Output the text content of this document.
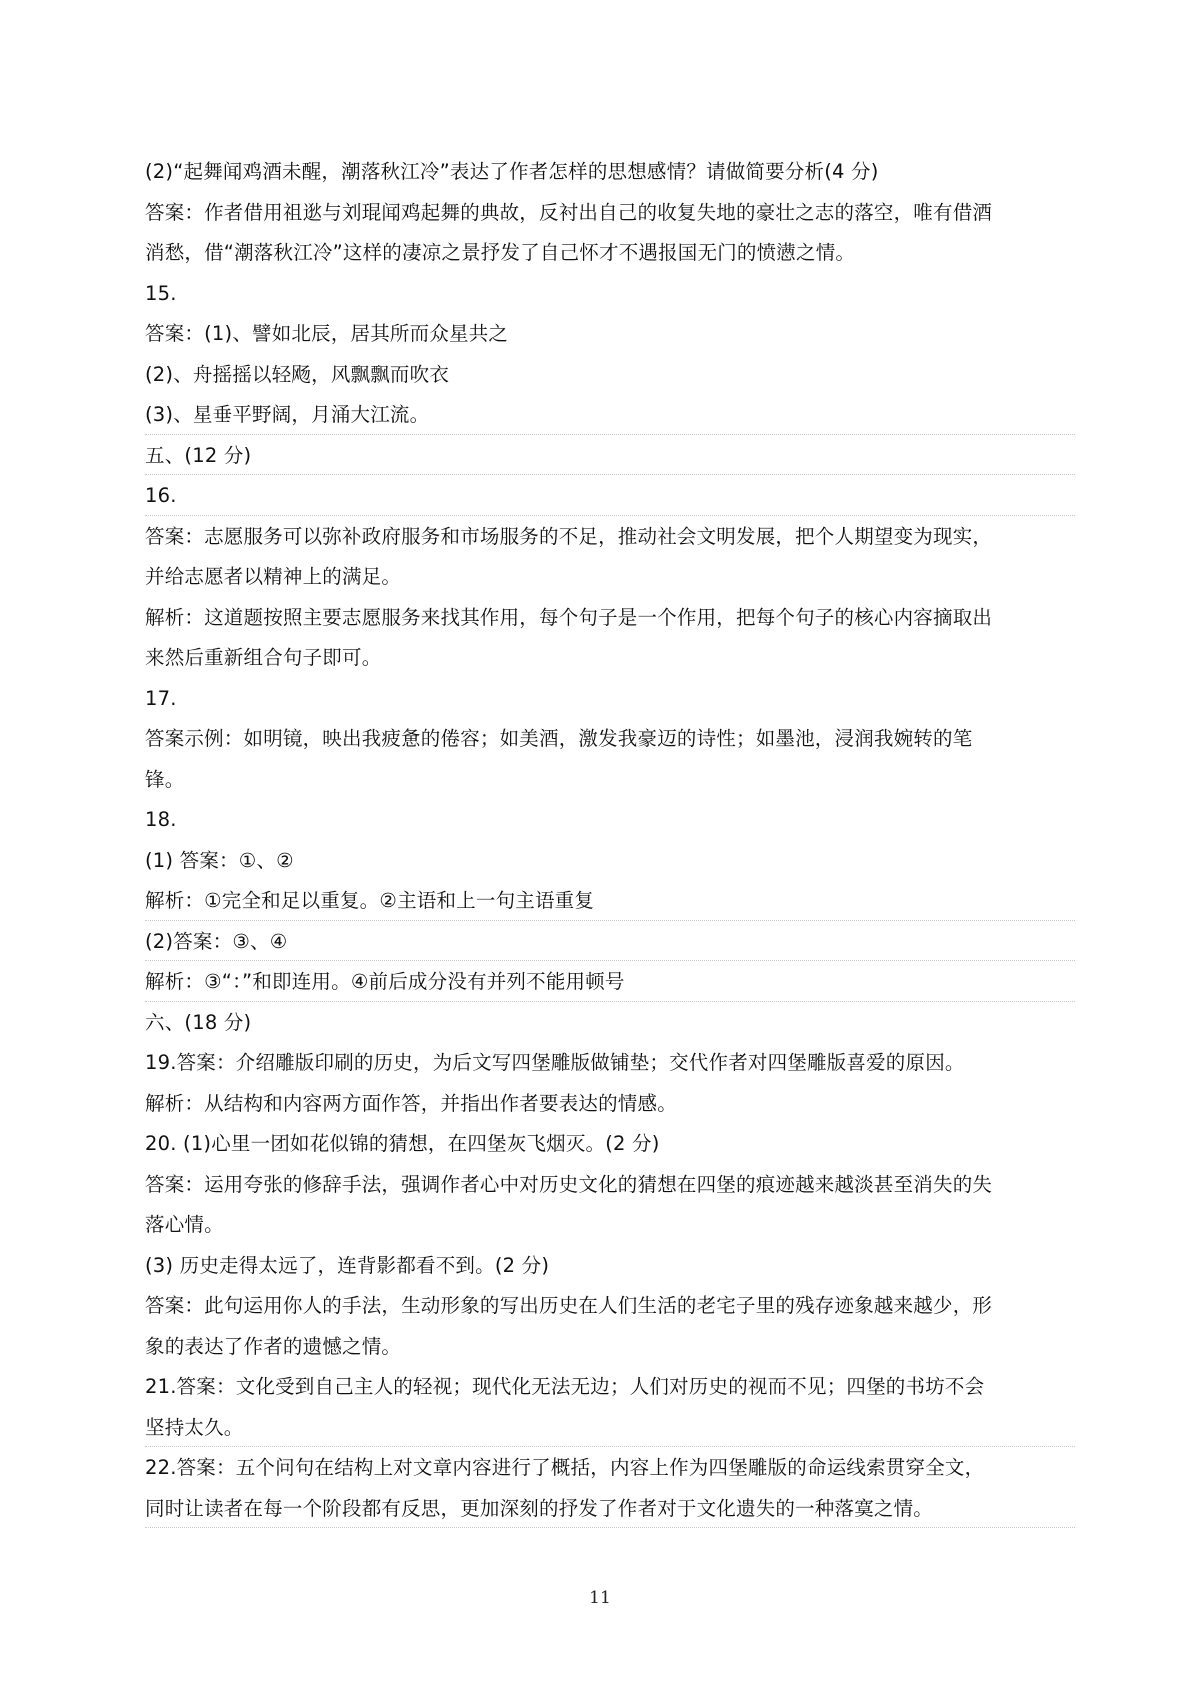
(2)“起舞闻鸡酒未醒，潮落秋江冷”表达了作者怎样的思想感情？请做简要分析(4 分)
答案：作者借用祖逖与刘琨闻鸡起舞的典故，反衬出自己的收复失地的豪壮之志的落空，唯有借酒
消愁，借“潮落秋江冷”这样的凄凉之景抒发了自己怀才不遇报国无门的愤懑之情。
15.
答案：(1)、譬如北辰，居其所而众星共之
(2)、舟摇摇以轻飏，风飘飘而吹衣
(3)、星垂平野阔，月涌大江流。
五、(12 分)
16.
答案：志愿服务可以弥补政府服务和市场服务的不足，推动社会文明发展，把个人期望变为现实，
并给志愿者以精神上的满足。
解析：这道题按照主要志愿服务来找其作用，每个句子是一个作用，把每个句子的核心内容摘取出
来然后重新组合句子即可。
17.
答案示例：如明镜，映出我疲惫的倦容；如美酒，激发我豪迈的诗性；如墨池，浸润我婉转的笔
锋。
18.
(1) 答案：①、②
解析：①完全和足以重复。②主语和上一句主语重复
(2)答案：③、④
解析：③“：”和即连用。④前后成分没有并列不能用顿号
六、(18 分)
19.答案：介绍雕版印刷的历史，为后文写四堡雕版做铺垫；交代作者对四堡雕版喜爱的原因。
解析：从结构和内容两方面作答，并指出作者要表达的情感。
20. (1)心里一团如花似锦的猜想，在四堡灰飞烟灭。(2 分)
答案：运用夸张的修辞手法，强调作者心中对历史文化的猜想在四堡的痕迹越来越淡甚至消失的失
落心情。
(3) 历史走得太远了，连背影都看不到。(2 分)
答案：此句运用你人的手法，生动形象的写出历史在人们生活的老宅子里的残存迹象越来越少，形
象的表达了作者的遗憾之情。
21.答案：文化受到自己主人的轻视；现代化无法无边；人们对历史的视而不见；四堡的书坊不会
坚持太久。
22.答案：五个问句在结构上对文章内容进行了概括，内容上作为四堡雕版的命运线索贯穿全文，
同时让读者在每一个阶段都有反思，更加深刻的抒发了作者对于文化遗失的一种落寞之情。
11
